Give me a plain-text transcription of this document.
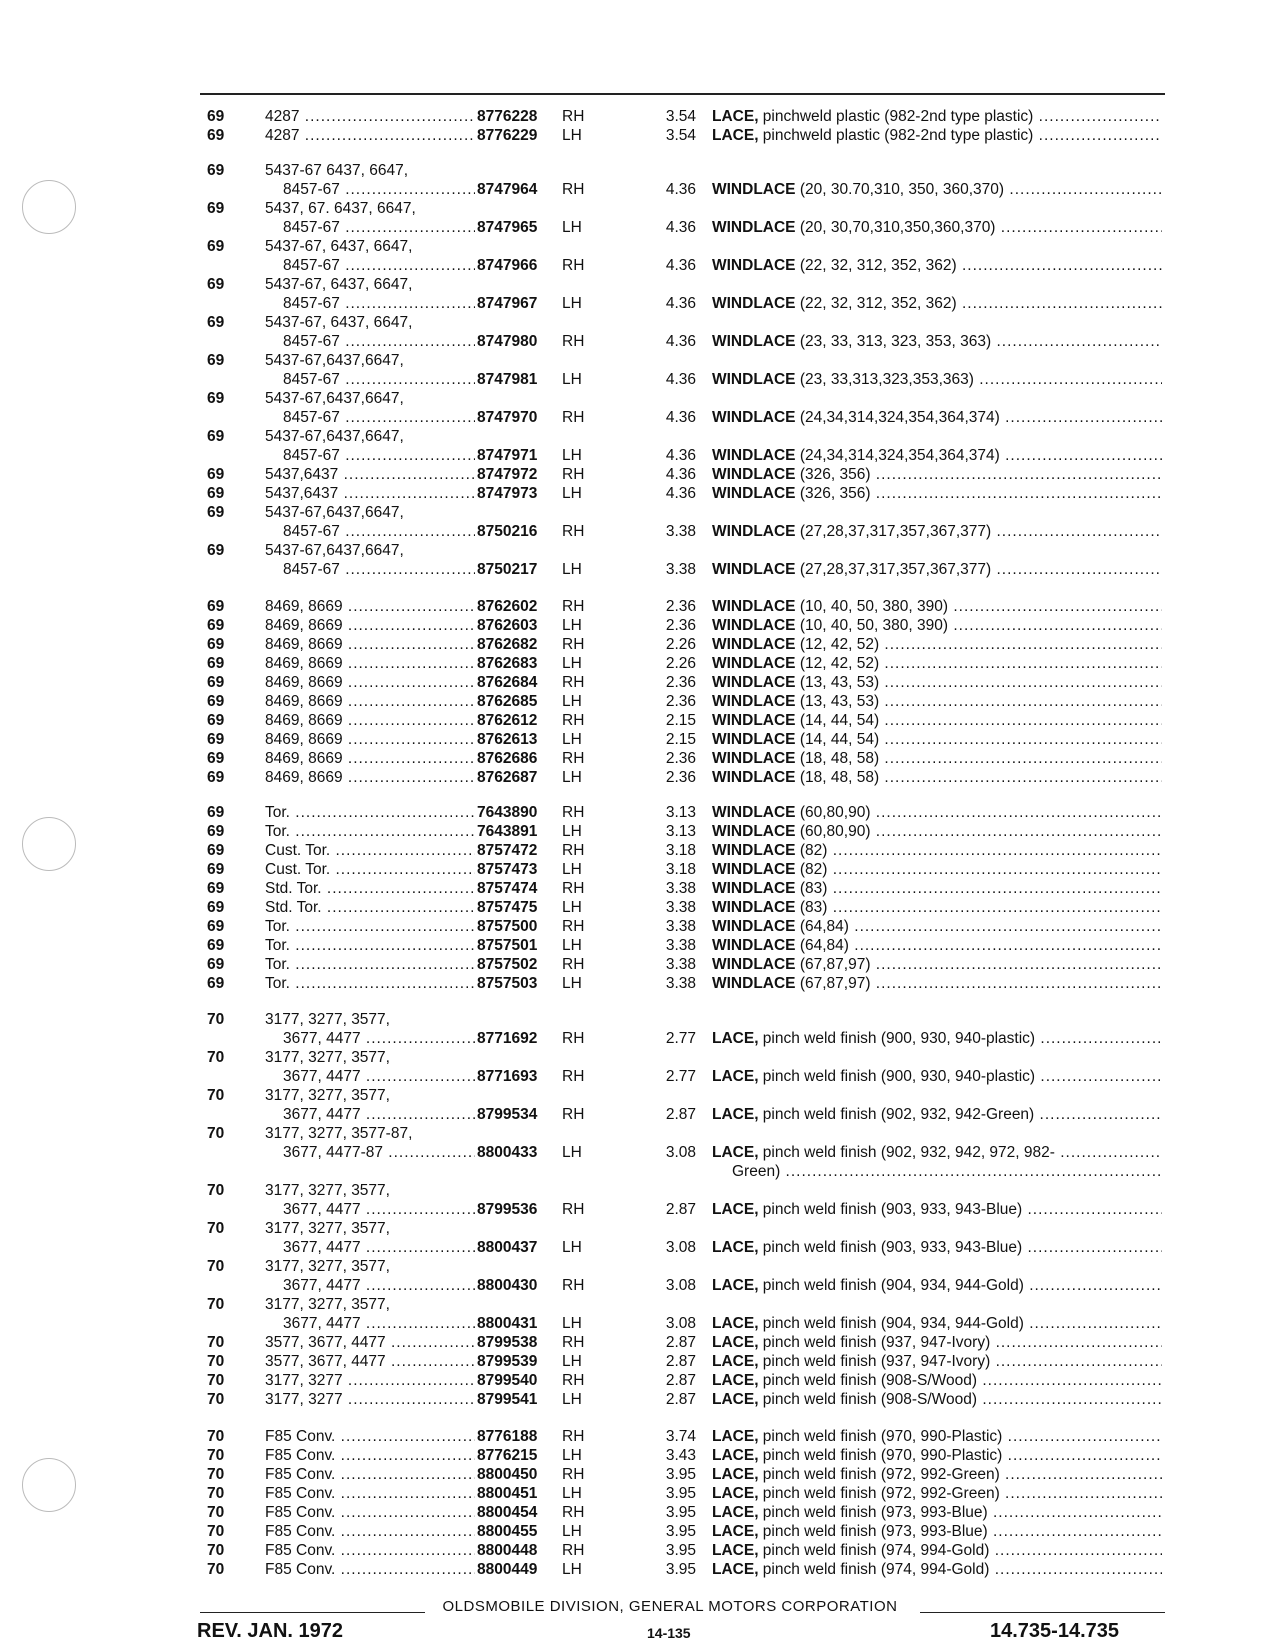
69	4287 .....	8776228 RH	3.54 LACE, pinchweld plastic (982-2nd type plastic) .....
69	4287 .....	8776229 LH	3.54 LACE, pinchweld plastic (982-2nd type plastic) .....
69	5437-67 6437, 6647,
8457-67 .....	8747964 RH	4.36 WINDLACE (20, 30.70,310, 350, 360,370) .....
69	5437, 67. 6437, 6647,
8457-67 .....	8747965 LH	4.36 WINDLACE (20, 30,70,310,350,360,370) .....
69	5437-67, 6437, 6647,
8457-67 .....	8747966 RH	4.36 WINDLACE (22, 32, 312, 352, 362) .....
69	5437-67, 6437, 6647,
8457-67 .....	8747967 LH	4.36 WINDLACE (22, 32, 312, 352, 362) .....
69	5437-67, 6437, 6647,
8457-67 .....	8747980 RH	4.36 WINDLACE (23, 33, 313, 323, 353, 363) .....
69	5437-67,6437,6647,
8457-67 .....	8747981 LH	4.36 WINDLACE (23, 33,313,323,353,363) .....
69	5437-67,6437,6647,
8457-67 .....	8747970 RH	4.36 WINDLACE (24,34,314,324,354,364,374) .....
69	5437-67,6437,6647,
8457-67 .....	8747971 LH	4.36 WINDLACE (24,34,314,324,354,364,374) .....
69	5437,6437 .....	8747972 RH	4.36 WINDLACE (326, 356) .....
69	5437,6437 .....	8747973 LH	4.36 WINDLACE (326, 356) .....
69	5437-67,6437,6647,
8457-67 .....	8750216 RH	3.38 WINDLACE (27,28,37,317,357,367,377) .....
69	5437-67,6437,6647,
8457-67 .....	8750217 LH	3.38 WINDLACE (27,28,37,317,357,367,377) .....
69	8469, 8669 .....	8762602 RH	2.36 WINDLACE (10, 40, 50, 380, 390) .....
69	8469, 8669 .....	8762603 LH	2.36 WINDLACE (10, 40, 50, 380, 390) .....
69	8469, 8669 .....	8762682 RH	2.26 WINDLACE (12, 42, 52) .....
69	8469, 8669 .....	8762683 LH	2.26 WINDLACE (12, 42, 52) .....
69	8469, 8669 .....	8762684 RH	2.36 WINDLACE (13, 43, 53) .....
69	8469, 8669 .....	8762685 LH	2.36 WINDLACE (13, 43, 53) .....
69	8469, 8669 .....	8762612 RH	2.15 WINDLACE (14, 44, 54) .....
69	8469, 8669 .....	8762613 LH	2.15 WINDLACE (14, 44, 54) .....
69	8469, 8669 .....	8762686 RH	2.36 WINDLACE (18, 48, 58) .....
69	8469, 8669 .....	8762687 LH	2.36 WINDLACE (18, 48, 58) .....
69	Tor. .....	7643890 RH	3.13 WINDLACE (60,80,90) .....
69	Tor. .....	7643891 LH	3.13 WINDLACE (60,80,90) .....
69	Cust. Tor. .....	8757472 RH	3.18 WINDLACE (82) .....
69	Cust. Tor. .....	8757473 LH	3.18 WINDLACE (82) .....
69	Std. Tor. .....	8757474 RH	3.38 WINDLACE (83) .....
69	Std. Tor. .....	8757475 LH	3.38 WINDLACE (83) .....
69	Tor. .....	8757500 RH	3.38 WINDLACE (64,84) .....
69	Tor. .....	8757501 LH	3.38 WINDLACE (64,84) .....
69	Tor. .....	8757502 RH	3.38 WINDLACE (67,87,97) .....
69	Tor. .....	8757503 LH	3.38 WINDLACE (67,87,97) .....
70	3177, 3277, 3577,
3677, 4477 .....	8771692 RH	2.77 LACE, pinch weld finish (900, 930, 940-plastic) .....
70	3177, 3277, 3577,
3677, 4477 .....	8771693 RH	2.77 LACE, pinch weld finish (900, 930, 940-plastic) .....
70	3177, 3277, 3577,
3677, 4477 .....	8799534 RH	2.87 LACE, pinch weld finish (902, 932, 942-Green) .....
70	3177, 3277, 3577-87,
3677, 4477-87 .....	8800433 LH	3.08 LACE, pinch weld finish (902, 932, 942, 972, 982- .....
Green) .....
70	3177, 3277, 3577,
3677, 4477 .....	8799536 RH	2.87 LACE, pinch weld finish (903, 933, 943-Blue) .....
70	3177, 3277, 3577,
3677, 4477 .....	8800437 LH	3.08 LACE, pinch weld finish (903, 933, 943-Blue) .....
70	3177, 3277, 3577,
3677, 4477 .....	8800430 RH	3.08 LACE, pinch weld finish (904, 934, 944-Gold) .....
70	3177, 3277, 3577,
3677, 4477 .....	8800431 LH	3.08 LACE, pinch weld finish (904, 934, 944-Gold) .....
70	3577, 3677, 4477 .....	8799538 RH	2.87 LACE, pinch weld finish (937, 947-Ivory) .....
70	3577, 3677, 4477 .....	8799539 LH	2.87 LACE, pinch weld finish (937, 947-Ivory) .....
70	3177, 3277 .....	8799540 RH	2.87 LACE, pinch weld finish (908-S/Wood) .....
70	3177, 3277 .....	8799541 LH	2.87 LACE, pinch weld finish (908-S/Wood) .....
70	F85 Conv. .....	8776188 RH	3.74 LACE, pinch weld finish (970, 990-Plastic) .....
70	F85 Conv. .....	8776215 LH	3.43 LACE, pinch weld finish (970, 990-Plastic) .....
70	F85 Conv. .....	8800450 RH	3.95 LACE, pinch weld finish (972, 992-Green) .....
70	F85 Conv. .....	8800451 LH	3.95 LACE, pinch weld finish (972, 992-Green) .....
70	F85 Conv. .....	8800454 RH	3.95 LACE, pinch weld finish (973, 993-Blue) .....
70	F85 Conv. .....	8800455 LH	3.95 LACE, pinch weld finish (973, 993-Blue) .....
70	F85 Conv. .....	8800448 RH	3.95 LACE, pinch weld finish (974, 994-Gold) .....
70	F85 Conv. .....	8800449 LH	3.95 LACE, pinch weld finish (974, 994-Gold) .....
OLDSMOBILE DIVISION, GENERAL MOTORS CORPORATION
REV. JAN. 1972	14-135	14.735-14.735
